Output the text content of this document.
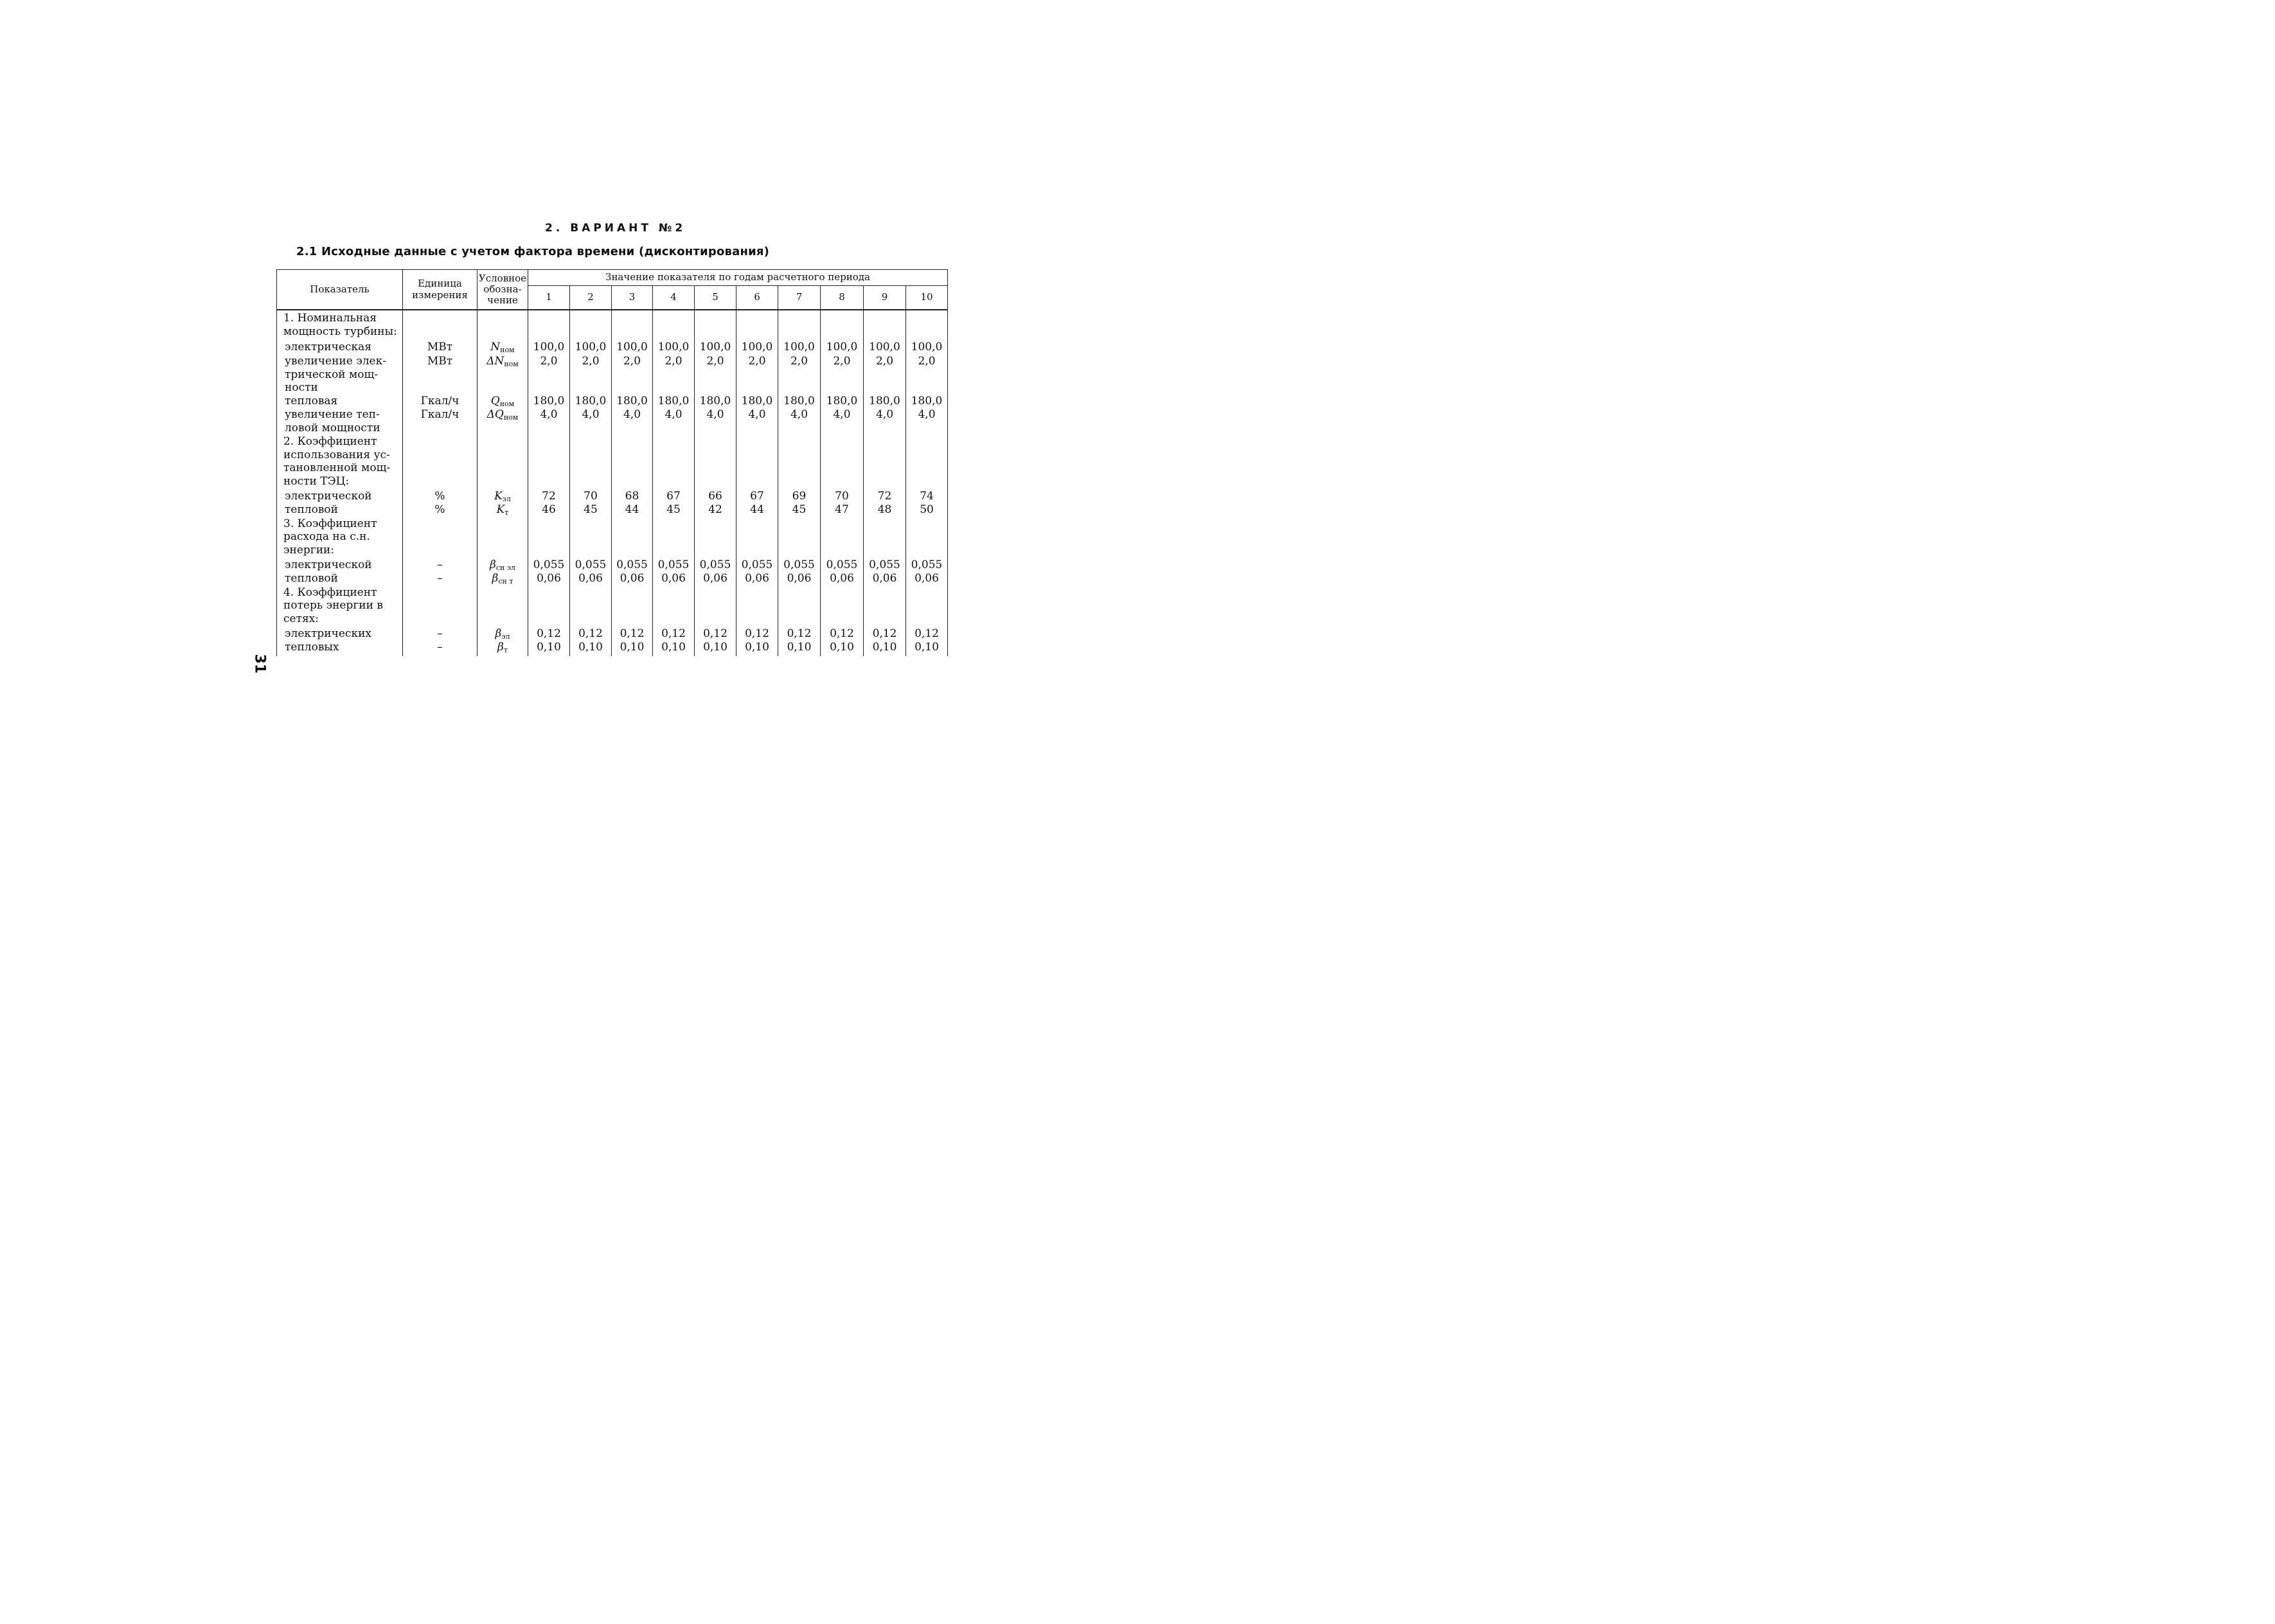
2. ВАРИАНТ №2
2.1 Исходные данные с учетом фактора времени (дисконтирования)
Показатель	Единица измерения	Условное обозна-чение	Значение показателя по годам расчетного периода									
			1	2	3	4	5	6	7	8	9	10
1. Номинальная мощность турбины:												
электрическая	МВт	$N_{ном}$	100,0	100,0	100,0	100,0	100,0	100,0	100,0	100,0	100,0	100,0
увеличение элек-трической мощ-ности	МВт	$\Delta N_{ном}$	2,0	2,0	2,0	2,0	2,0	2,0	2,0	2,0	2,0	2,0
тепловая	Гкал/ч	$Q_{ном}$	180,0	180,0	180,0	180,0	180,0	180,0	180,0	180,0	180,0	180,0
увеличение теп-ловой мощности	Гкал/ч	$\Delta Q_{ном}$	4,0	4,0	4,0	4,0	4,0	4,0	4,0	4,0	4,0	4,0
2. Коэффициент использования ус-тановленной мощ-ности ТЭЦ:												
электрической	%	$K_{эл}$	72	70	68	67	66	67	69	70	72	74
тепловой	%	$K_т$	46	45	44	45	42	44	45	47	48	50
3. Коэффициент расхода на с.н. энергии:												
электрической	–	$\beta_{сн эл}$	0,055	0,055	0,055	0,055	0,055	0,055	0,055	0,055	0,055	0,055
тепловой	–	$\beta_{сн т}$	0,06	0,06	0,06	0,06	0,06	0,06	0,06	0,06	0,06	0,06
4. Коэффициент потерь энергии в сетях:												
электрических	–	$\beta_{эл}$	0,12	0,12	0,12	0,12	0,12	0,12	0,12	0,12	0,12	0,12
тепловых	–	$\beta_т$	0,10	0,10	0,10	0,10	0,10	0,10	0,10	0,10	0,10	0,10
31
